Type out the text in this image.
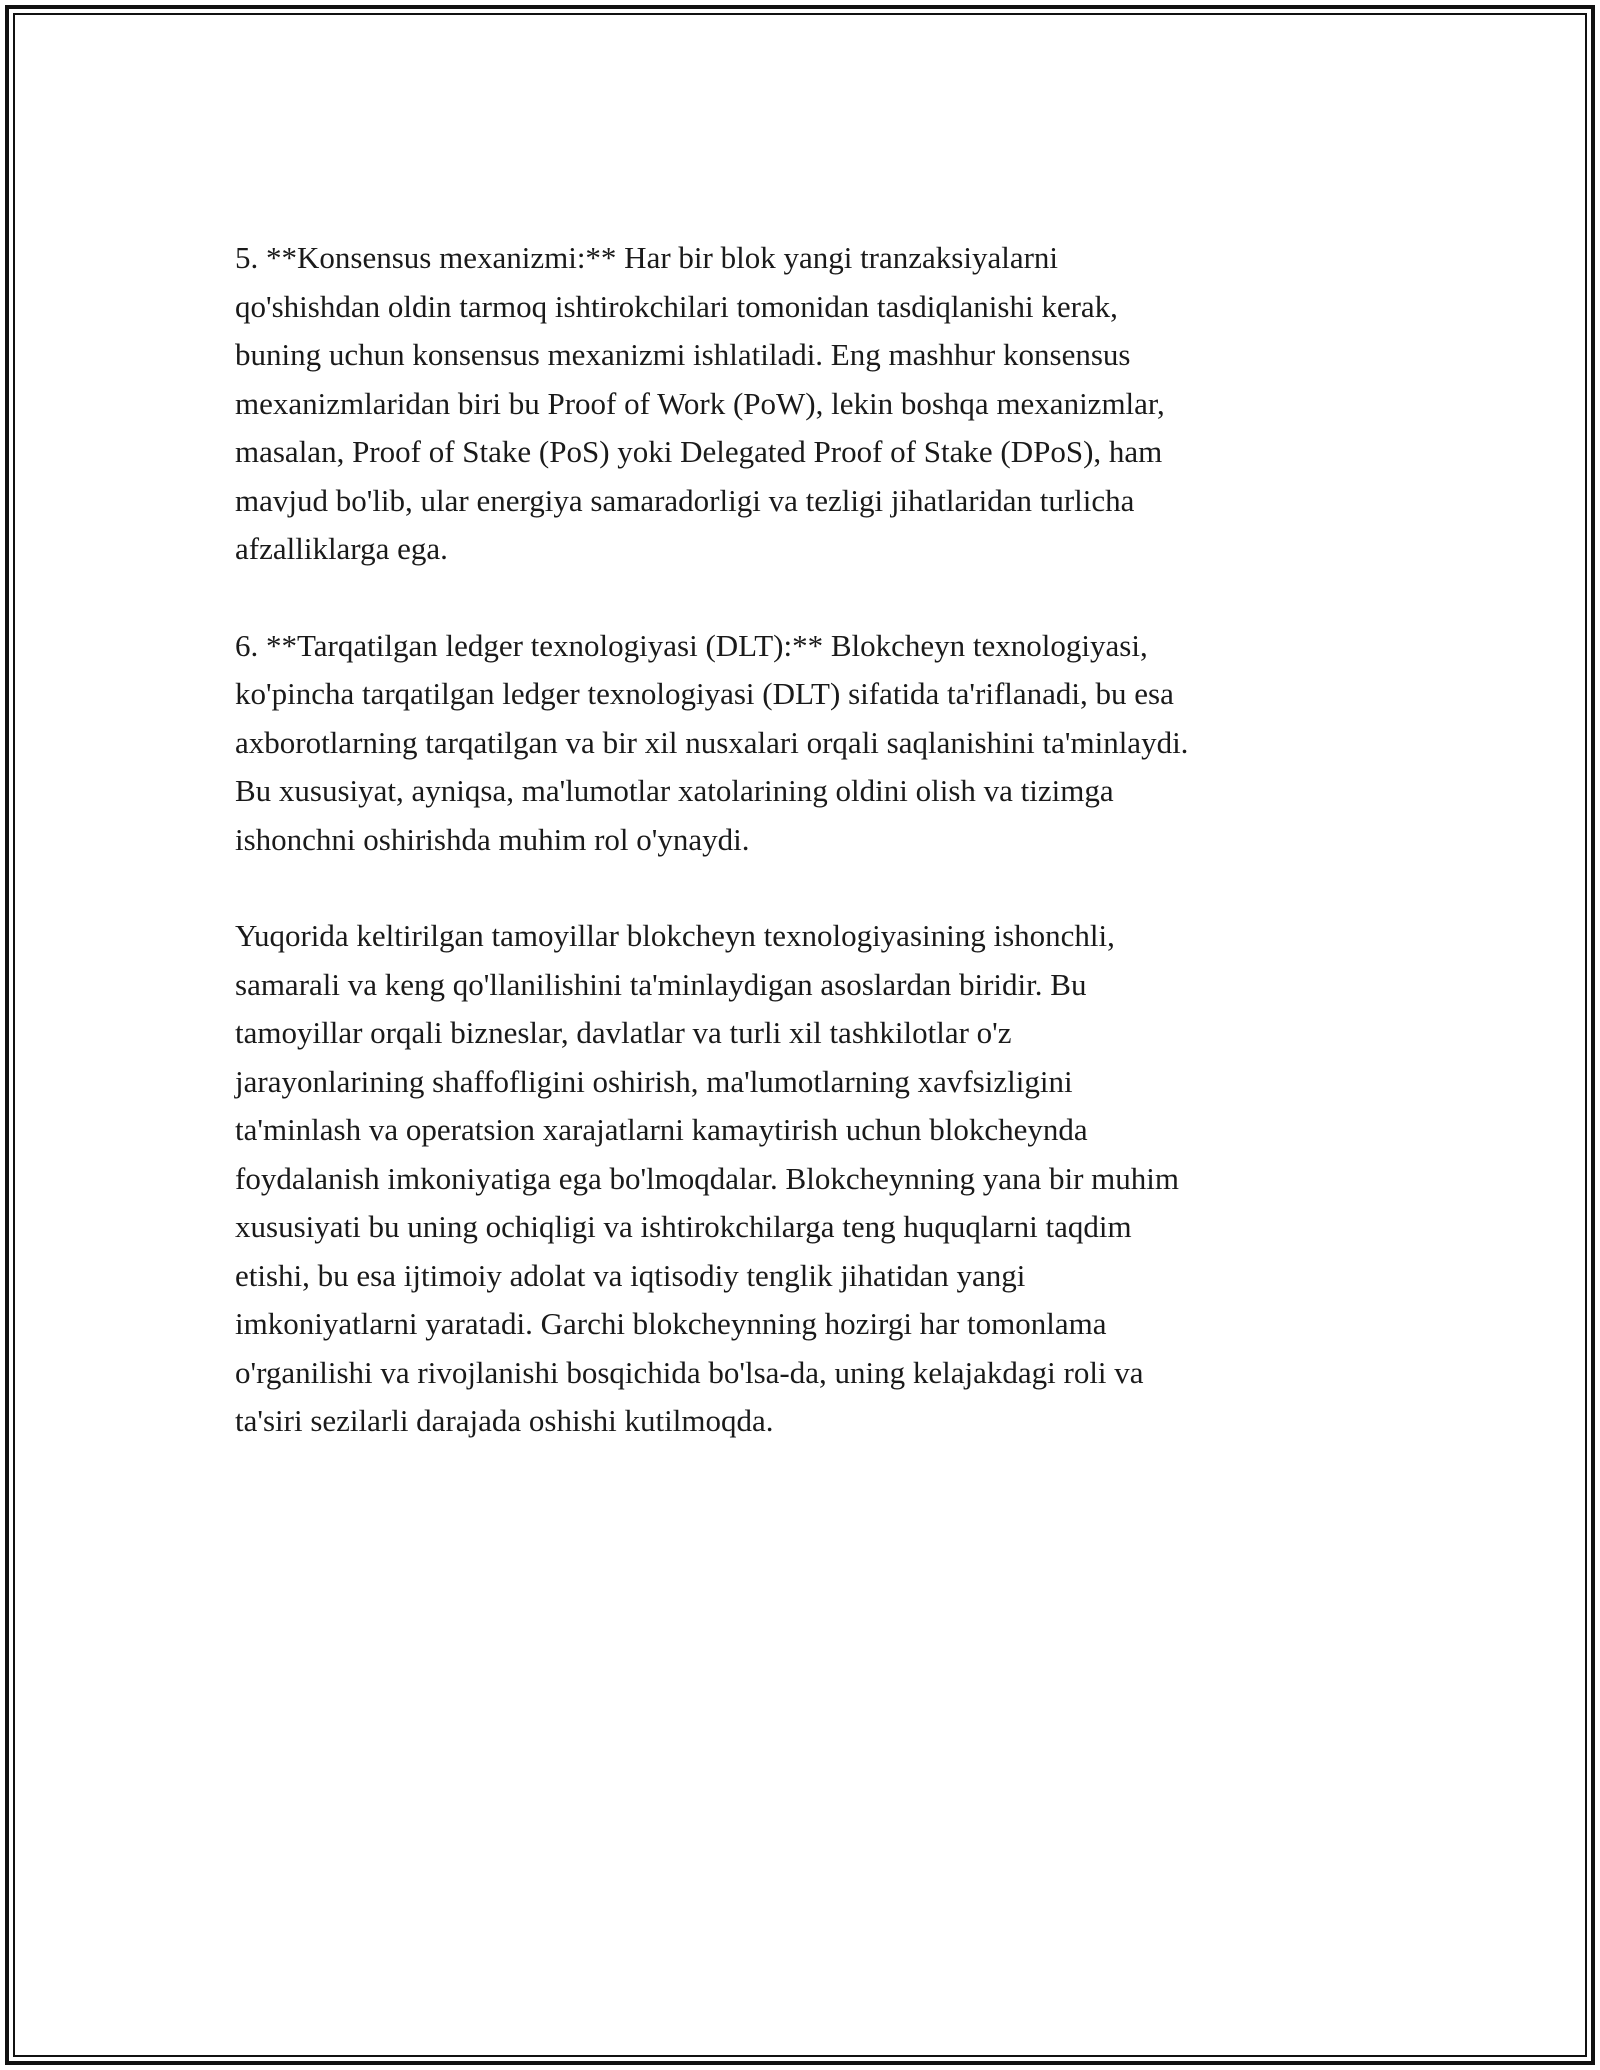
5. **Konsensus mexanizmi:** Har bir blok yangi tranzaksiyalarni
qo'shishdan oldin tarmoq ishtirokchilari tomonidan tasdiqlanishi kerak,
buning uchun konsensus mexanizmi ishlatiladi. Eng mashhur konsensus
mexanizmlaridan biri bu Proof of Work (PoW), lekin boshqa mexanizmlar,
masalan, Proof of Stake (PoS) yoki Delegated Proof of Stake (DPoS), ham
mavjud bo'lib, ular energiya samaradorligi va tezligi jihatlaridan turlicha
afzalliklarga ega.

6. **Tarqatilgan ledger texnologiyasi (DLT):** Blokcheyn texnologiyasi,
ko'pincha tarqatilgan ledger texnologiyasi (DLT) sifatida ta'riflanadi, bu esa
axborotlarning tarqatilgan va bir xil nusxalari orqali saqlanishini ta'minlaydi.
Bu xususiyat, ayniqsa, ma'lumotlar xatolarining oldini olish va tizimga
ishonchni oshirishda muhim rol o'ynaydi.

Yuqorida keltirilgan tamoyillar blokcheyn texnologiyasining ishonchli,
samarali va keng qo'llanilishini ta'minlaydigan asoslardan biridir. Bu
tamoyillar orqali biznеslar, davlatlar va turli xil tashkilotlar o'z
jarayonlarining shaffofligini oshirish, ma'lumotlarning xavfsizligini
ta'minlash va operatsion xarajatlarni kamaytirish uchun blokcheynda
foydalanish imkoniyatiga ega bo'lmoqdalar. Blokcheynning yana bir muhim
xususiyati bu uning ochiqligi va ishtirokchilarga teng huquqlarni taqdim
etishi, bu esa ijtimoiy adolat va iqtisodiy tenglik jihatidan yangi
imkoniyatlarni yaratadi. Garchi blokcheynning hozirgi har tomonlama
o'rganilishi va rivojlanishi bosqichida bo'lsa-da, uning kelajakdagi roli va
ta'siri sezilarli darajada oshishi kutilmoqda.
